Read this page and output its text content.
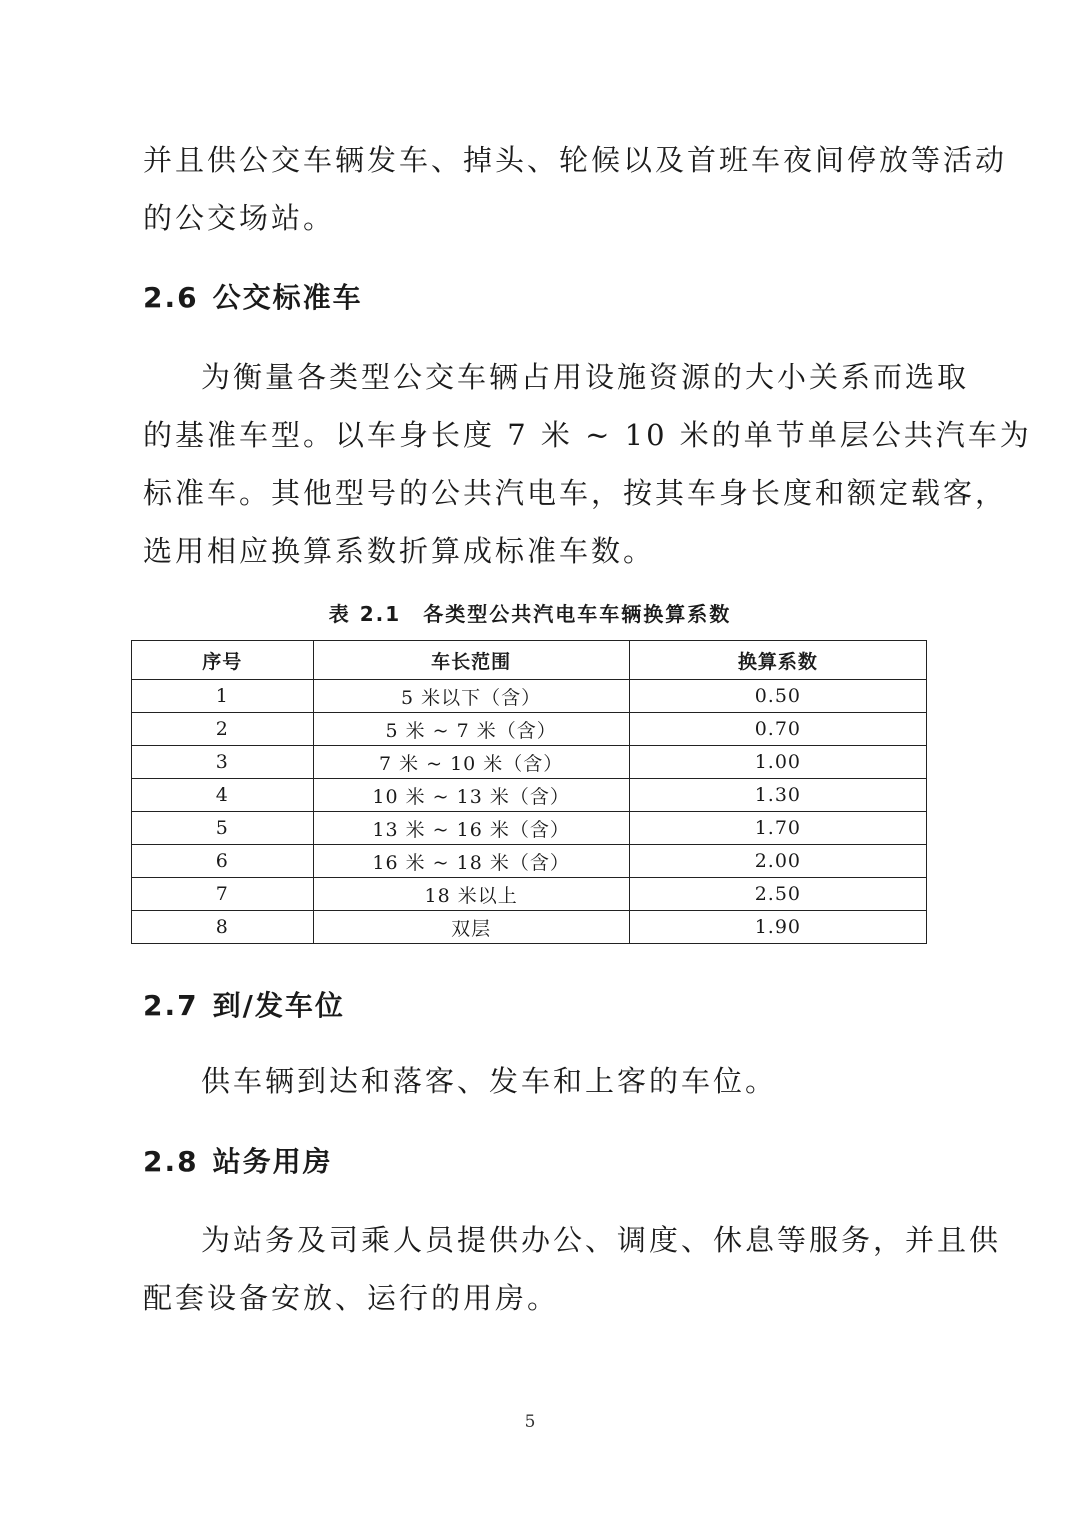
并且供公交车辆发车、掉头、轮候以及首班车夜间停放等活动
的公交场站。

2.6 公交标准车

为衡量各类型公交车辆占用设施资源的大小关系而选取
的基准车型。以车身长度 7 米 ~ 10 米的单节单层公共汽车为
标准车。其他型号的公共汽电车，按其车身长度和额定载客，
选用相应换算系数折算成标准车数。

表 2.1 各类型公共汽电车车辆换算系数
序号	车长范围	换算系数
1	5 米以下（含）	0.50
2	5 米 ~ 7 米（含）	0.70
3	7 米 ~ 10 米（含）	1.00
4	10 米 ~ 13 米（含）	1.30
5	13 米 ~ 16 米（含）	1.70
6	16 米 ~ 18 米（含）	2.00
7	18 米以上	2.50
8	双层	1.90
2.7 到/发车位

供车辆到达和落客、发车和上客的车位。

2.8 站务用房

为站务及司乘人员提供办公、调度、休息等服务，并且供
配套设备安放、运行的用房。

5
